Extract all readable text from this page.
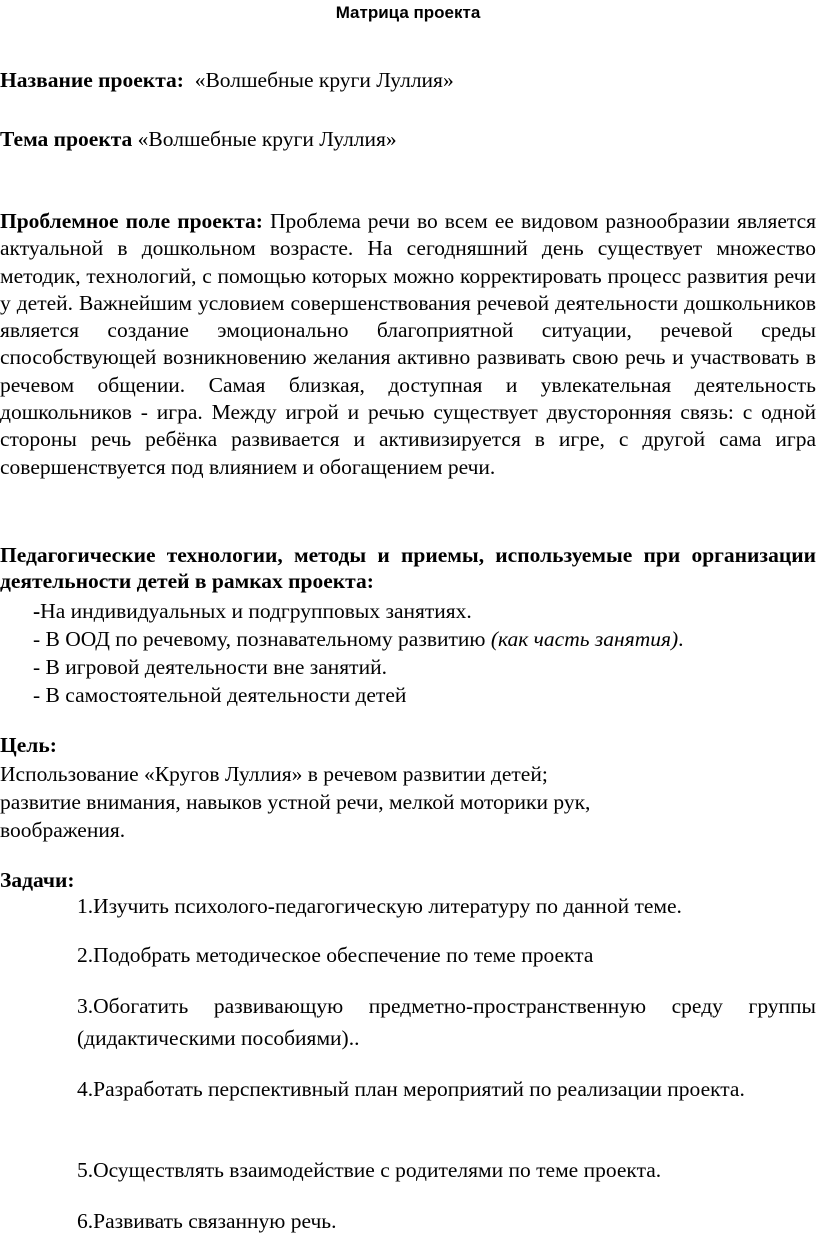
Матрица проекта
Название проекта: «Волшебные круги Луллия»
Тема проекта «Волшебные круги Луллия»

Проблемное поле проекта: Проблема речи во всем ее видовом разнообразии является актуальной в дошкольном возрасте. На сегодняшний день существует множество методик, технологий, с помощью которых можно корректировать процесс развития речи у детей. Важнейшим условием совершенствования речевой деятельности дошкольников является создание эмоционально благоприятной ситуации, речевой среды способствующей возникновению желания активно развивать свою речь и участвовать в речевом общении. Самая близкая, доступная и увлекательная деятельность дошкольников - игра. Между игрой и речью существует двусторонняя связь: с одной стороны речь ребёнка развивается и активизируется в игре, с другой сама игра совершенствуется под влиянием и обогащением речи.

Педагогические технологии, методы и приемы, используемые при организации деятельности детей в рамках проекта:
-На индивидуальных и подгрупповых занятиях.
- В ООД по речевому, познавательному развитию (как часть занятия).
- В игровой деятельности вне занятий.
- В самостоятельной деятельности детей
Цель:
Использование «Кругов Луллия» в речевом развитии детей;
развитие внимания, навыков устной речи, мелкой моторики рук,
воображения.
Задачи:
1.Изучить психолого-педагогическую литературу по данной теме.
2.Подобрать методическое обеспечение по теме проекта
3.Обогатить развивающую предметно-пространственную среду группы (дидактическими пособиями)..
4.Разработать перспективный план мероприятий по реализации проекта.
5.Осуществлять взаимодействие с родителями по теме проекта.
6.Развивать связанную речь.
